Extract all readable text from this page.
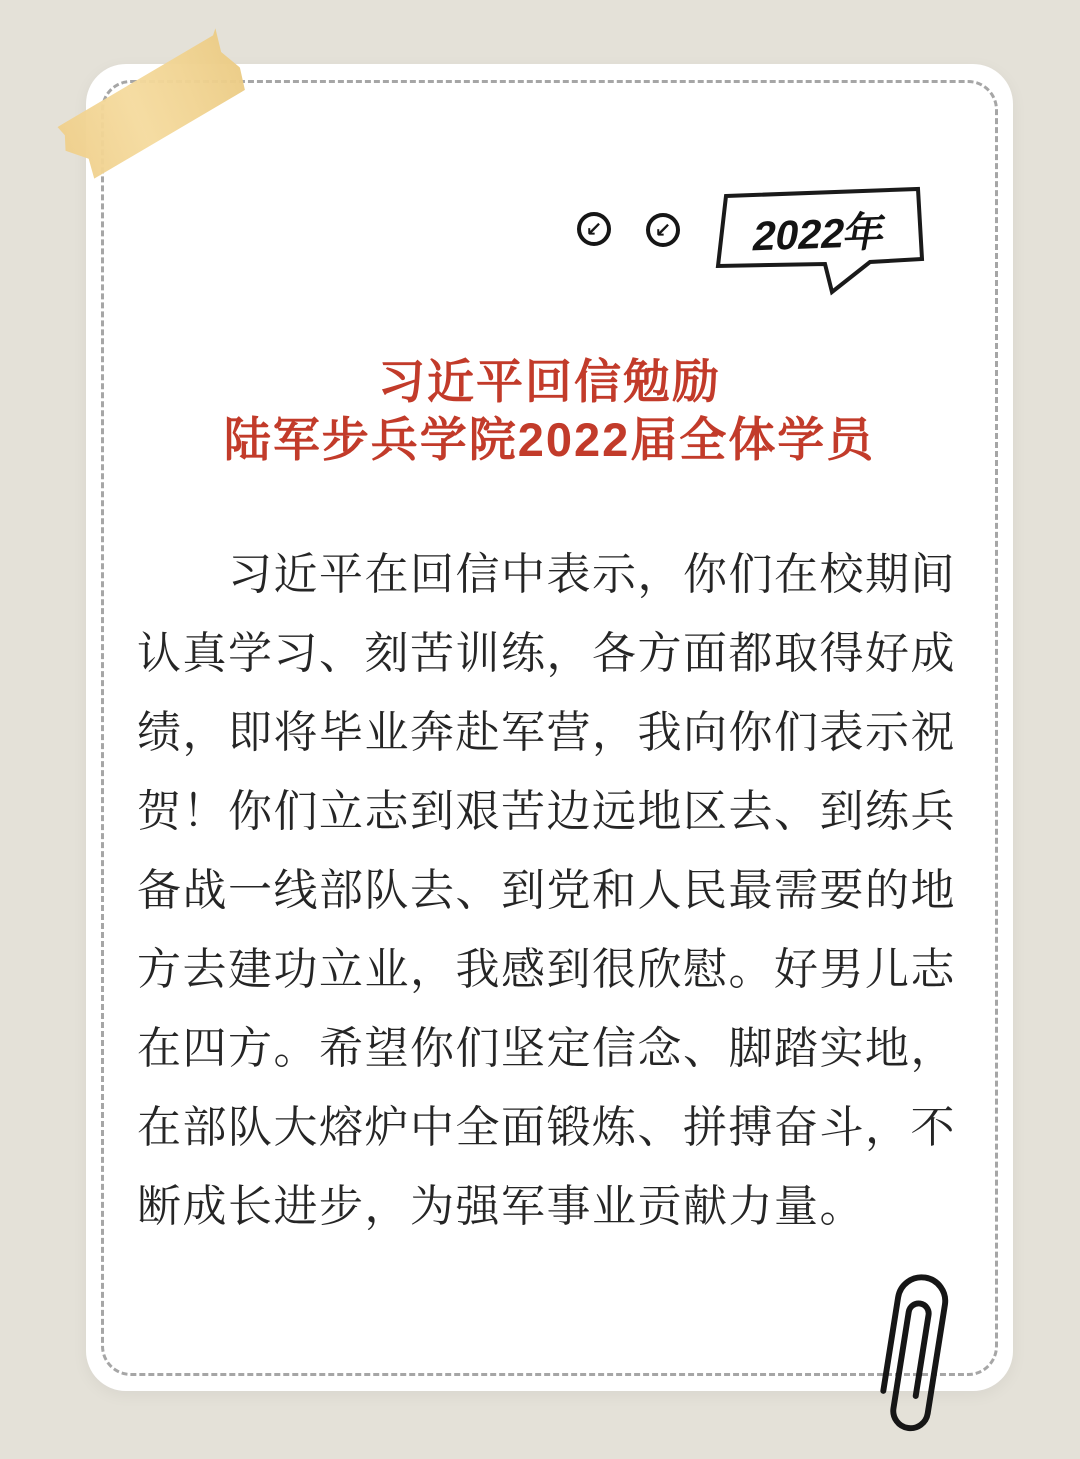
↙	↙	2022年
习近平回信勉励
陆军步兵学院2022届全体学员
　　习近平在回信中表示，你们在校期间
认真学习、刻苦训练，各方面都取得好成
绩，即将毕业奔赴军营，我向你们表示祝
贺！你们立志到艰苦边远地区去、到练兵
备战一线部队去、到党和人民最需要的地
方去建功立业，我感到很欣慰。好男儿志
在四方。希望你们坚定信念、脚踏实地，
在部队大熔炉中全面锻炼、拼搏奋斗，不
断成长进步，为强军事业贡献力量。
